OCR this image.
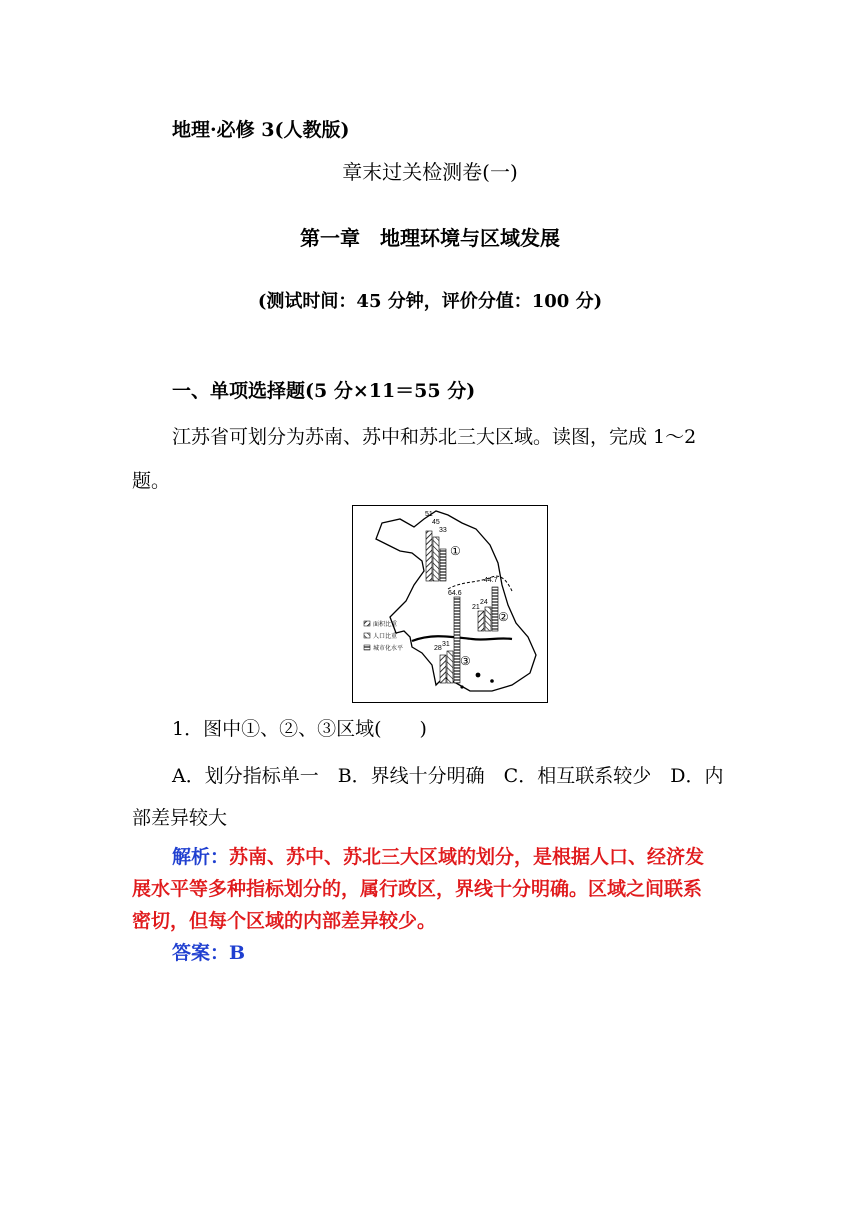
地理·必修 3(人教版)
章末过关检测卷(一)
第一章　地理环境与区域发展
(测试时间：45 分钟，评价分值：100 分)
一、单项选择题(5 分×11＝55 分)
江苏省可划分为苏南、苏中和苏北三大区域。读图，完成 1～2
题。
51
45
33
①
21
24
44.7
②
28
31
64.6
③
面积比重
人口比重
城市化水平
1．图中①、②、③区域(　　)
A．划分指标单一　B．界线十分明确　C．相互联系较少　D．内
部差异较大
解析：苏南、苏中、苏北三大区域的划分，是根据人口、经济发
展水平等多种指标划分的，属行政区，界线十分明确。区域之间联系
密切，但每个区域的内部差异较少。
答案：B
